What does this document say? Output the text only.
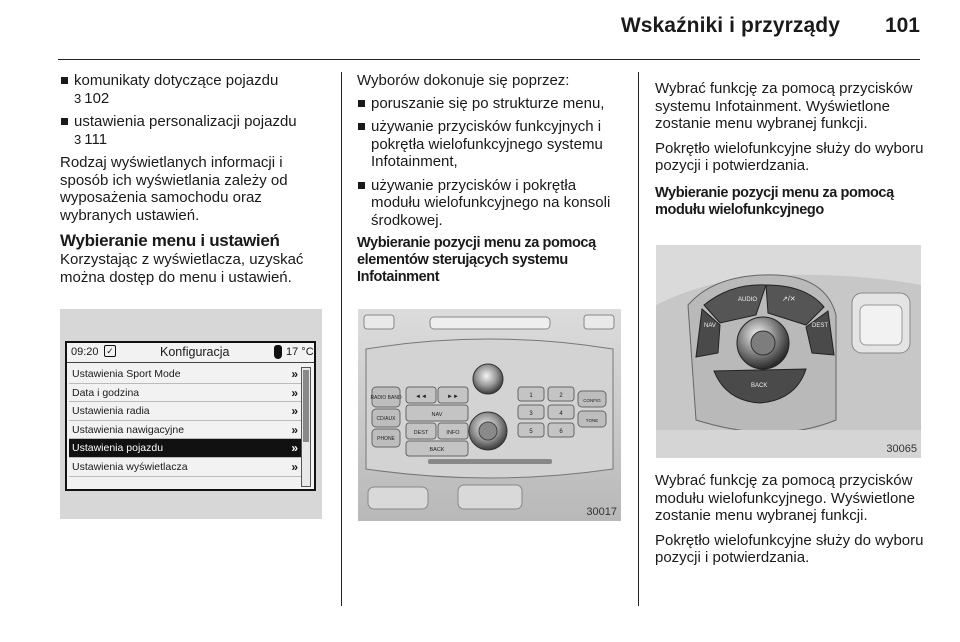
Wskaźniki i przyrządy 101
komunikaty dotyczące pojazdu
3 102
ustawienia personalizacji pojazdu
3 111
Rodzaj wyświetlanych informacji i sposób ich wyświetlania zależy od wyposażenia samochodu oraz wybranych ustawień.
Wybieranie menu i ustawień
Korzystając z wyświetlacza, uzyskać można dostęp do menu i ustawień.
09:20 ✓	Konfiguracja	17 °C
Ustawienia Sport Mode	»
Data i godzina	»
Ustawienia radia	»
Ustawienia nawigacyjne	»
Ustawienia pojazdu	»
Ustawienia wyświetlacza	»
Wyborów dokonuje się poprzez:
poruszanie się po strukturze menu,
używanie przycisków funkcyjnych i pokrętła wielofunkcyjnego systemu Infotainment,
używanie przycisków i pokrętła modułu wielofunkcyjnego na konsoli środkowej.
Wybieranie pozycji menu za pomocą elementów sterujących systemu Infotainment
RADIO BAND
CD/AUX
PHONE
◄◄	►►
NAV
DEST	INFO
BACK
1	2
3	4
5	6
CONFIG
TONE
30017
Wybrać funkcję za pomocą przycisków systemu Infotainment. Wyświetlone zostanie menu wybranej funkcji.
Pokrętło wielofunkcyjne służy do wyboru pozycji i potwierdzania.
Wybieranie pozycji menu za pomocą modułu wielofunkcyjnego
AUDIO	↗/✕
NAV	DEST
BACK
30065
Wybrać funkcję za pomocą przycisków modułu wielofunkcyjnego. Wyświetlone zostanie menu wybranej funkcji.
Pokrętło wielofunkcyjne służy do wyboru pozycji i potwierdzania.
